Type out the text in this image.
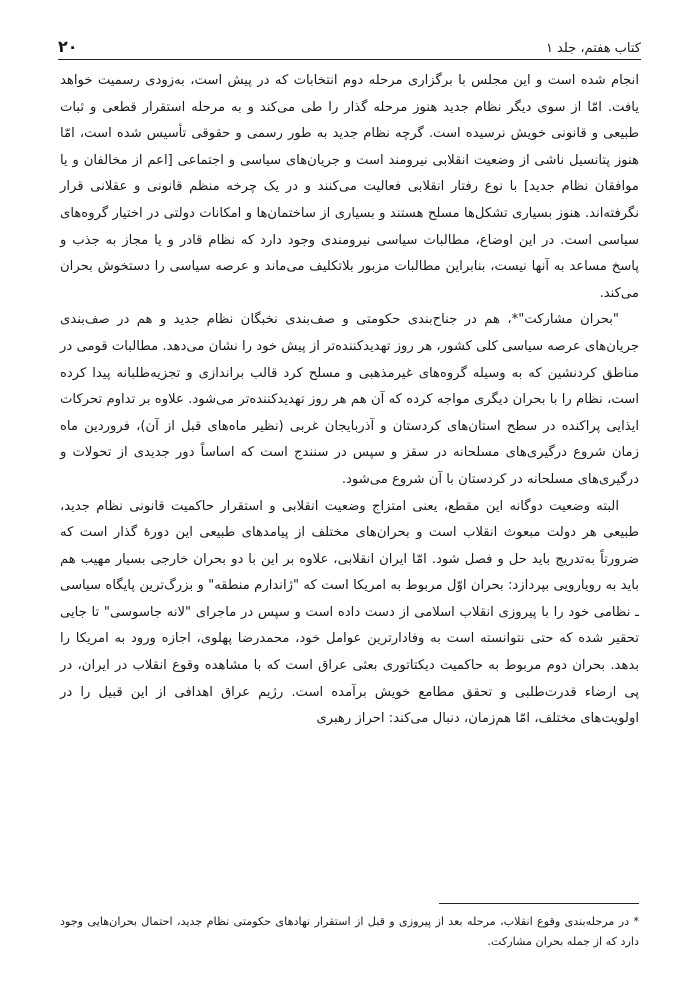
کتاب هفتم، جلد ۱
۲۰

انجام شده است و این مجلس با برگزاری مرحله دوم انتخابات که در پیش است، به‌زودی رسمیت خواهد یافت. امّا از سوی دیگر نظام جدید هنوز مرحله گذار را طی می‌کند و به مرحله استقرار قطعی و ثبات طبیعی و قانونی خویش نرسیده است. گرچه نظام جدید به طور رسمی و حقوقی تأسیس شده است، امّا هنوز پتانسیل ناشی از وضعیت انقلابی نیرومند است و جریان‌های سیاسی و اجتماعی [اعم از مخالفان و یا موافقان نظام جدید] با نوع رفتار انقلابی فعالیت می‌کنند و در یک چرخه منظم قانونی و عقلانی قرار نگرفته‌اند. هنوز بسیاری تشکل‌ها مسلح هستند و بسیاری از ساختمان‌ها و امکانات دولتی در اختیار گروه‌های سیاسی است. در این اوضاع، مطالبات سیاسی نیرومندی وجود دارد که نظام قادر و یا مجاز به جذب و پاسخ مساعد به آنها نیست، بنابراین مطالبات مزبور بلاتکلیف می‌ماند و عرصه سیاسی را دستخوش بحران می‌کند.

"بحران مشارکت"*، هم در جناح‌بندی حکومتی و صف‌بندی نخبگان نظام جدید و هم در صف‌بندی جریان‌های عرصه سیاسی کلی کشور، هر روز تهدیدکننده‌تر از پیش خود را نشان می‌دهد. مطالبات قومی در مناطق کردنشین که به وسیله گروه‌های غیرمذهبی و مسلح کرد قالب براندازی و تجزیه‌طلبانه پیدا کرده است، نظام را با بحران دیگری مواجه کرده که آن هم هر روز تهدیدکننده‌تر می‌شود. علاوه بر تداوم تحرکات ایذایی پراکنده در سطح استان‌های کردستان و آذربایجان غربی (نظیر ماه‌های قبل از آن)، فروردین ماه زمان شروع درگیری‌های مسلحانه در سقز و سپس در سنندج است که اساساً دور جدیدی از تحولات و درگیری‌های مسلحانه در کردستان با آن شروع می‌شود.

البته وضعیت دوگانه این مقطع، یعنی امتزاج وضعیت انقلابی و استقرار حاکمیت قانونی نظام جدید، طبیعی هر دولت مبعوث انقلاب است و بحران‌های مختلف از پیامدهای طبیعی این دورهٔ گذار است که ضرورتاً به‌تدریج باید حل و فصل شود. امّا ایران انقلابی، علاوه بر این با دو بحران خارجی بسیار مهیب هم باید به رویارویی بپردازد: بحران اوّل مربوط به امریکا است که "ژاندارم منطقه" و بزرگ‌ترین پایگاه سیاسی ـ نظامی خود را با پیروزی انقلاب اسلامی از دست داده است و سپس در ماجرای "لانه جاسوسی" تا جایی تحقیر شده که حتی نتوانسته است به وفادارترین عوامل خود، محمدرضا پهلوی، اجازه ورود به امریکا را بدهد. بحران دوم مربوط به حاکمیت دیکتاتوری بعثی عراق است که با مشاهده وقوع انقلاب در ایران، در پی ارضاء قدرت‌طلبی و تحقق مطامع خویش برآمده است. رژیم عراق اهدافی از این قبیل را در اولویت‌های مختلف، امّا هم‌زمان، دنبال می‌کند: احراز رهبری

* در مرحله‌بندی وقوع انقلاب، مرحله بعد از پیروزی و قبل از استقرار نهادهای حکومتی نظام جدید، احتمال بحران‌هایی وجود دارد که از جمله بحران مشارکت.
